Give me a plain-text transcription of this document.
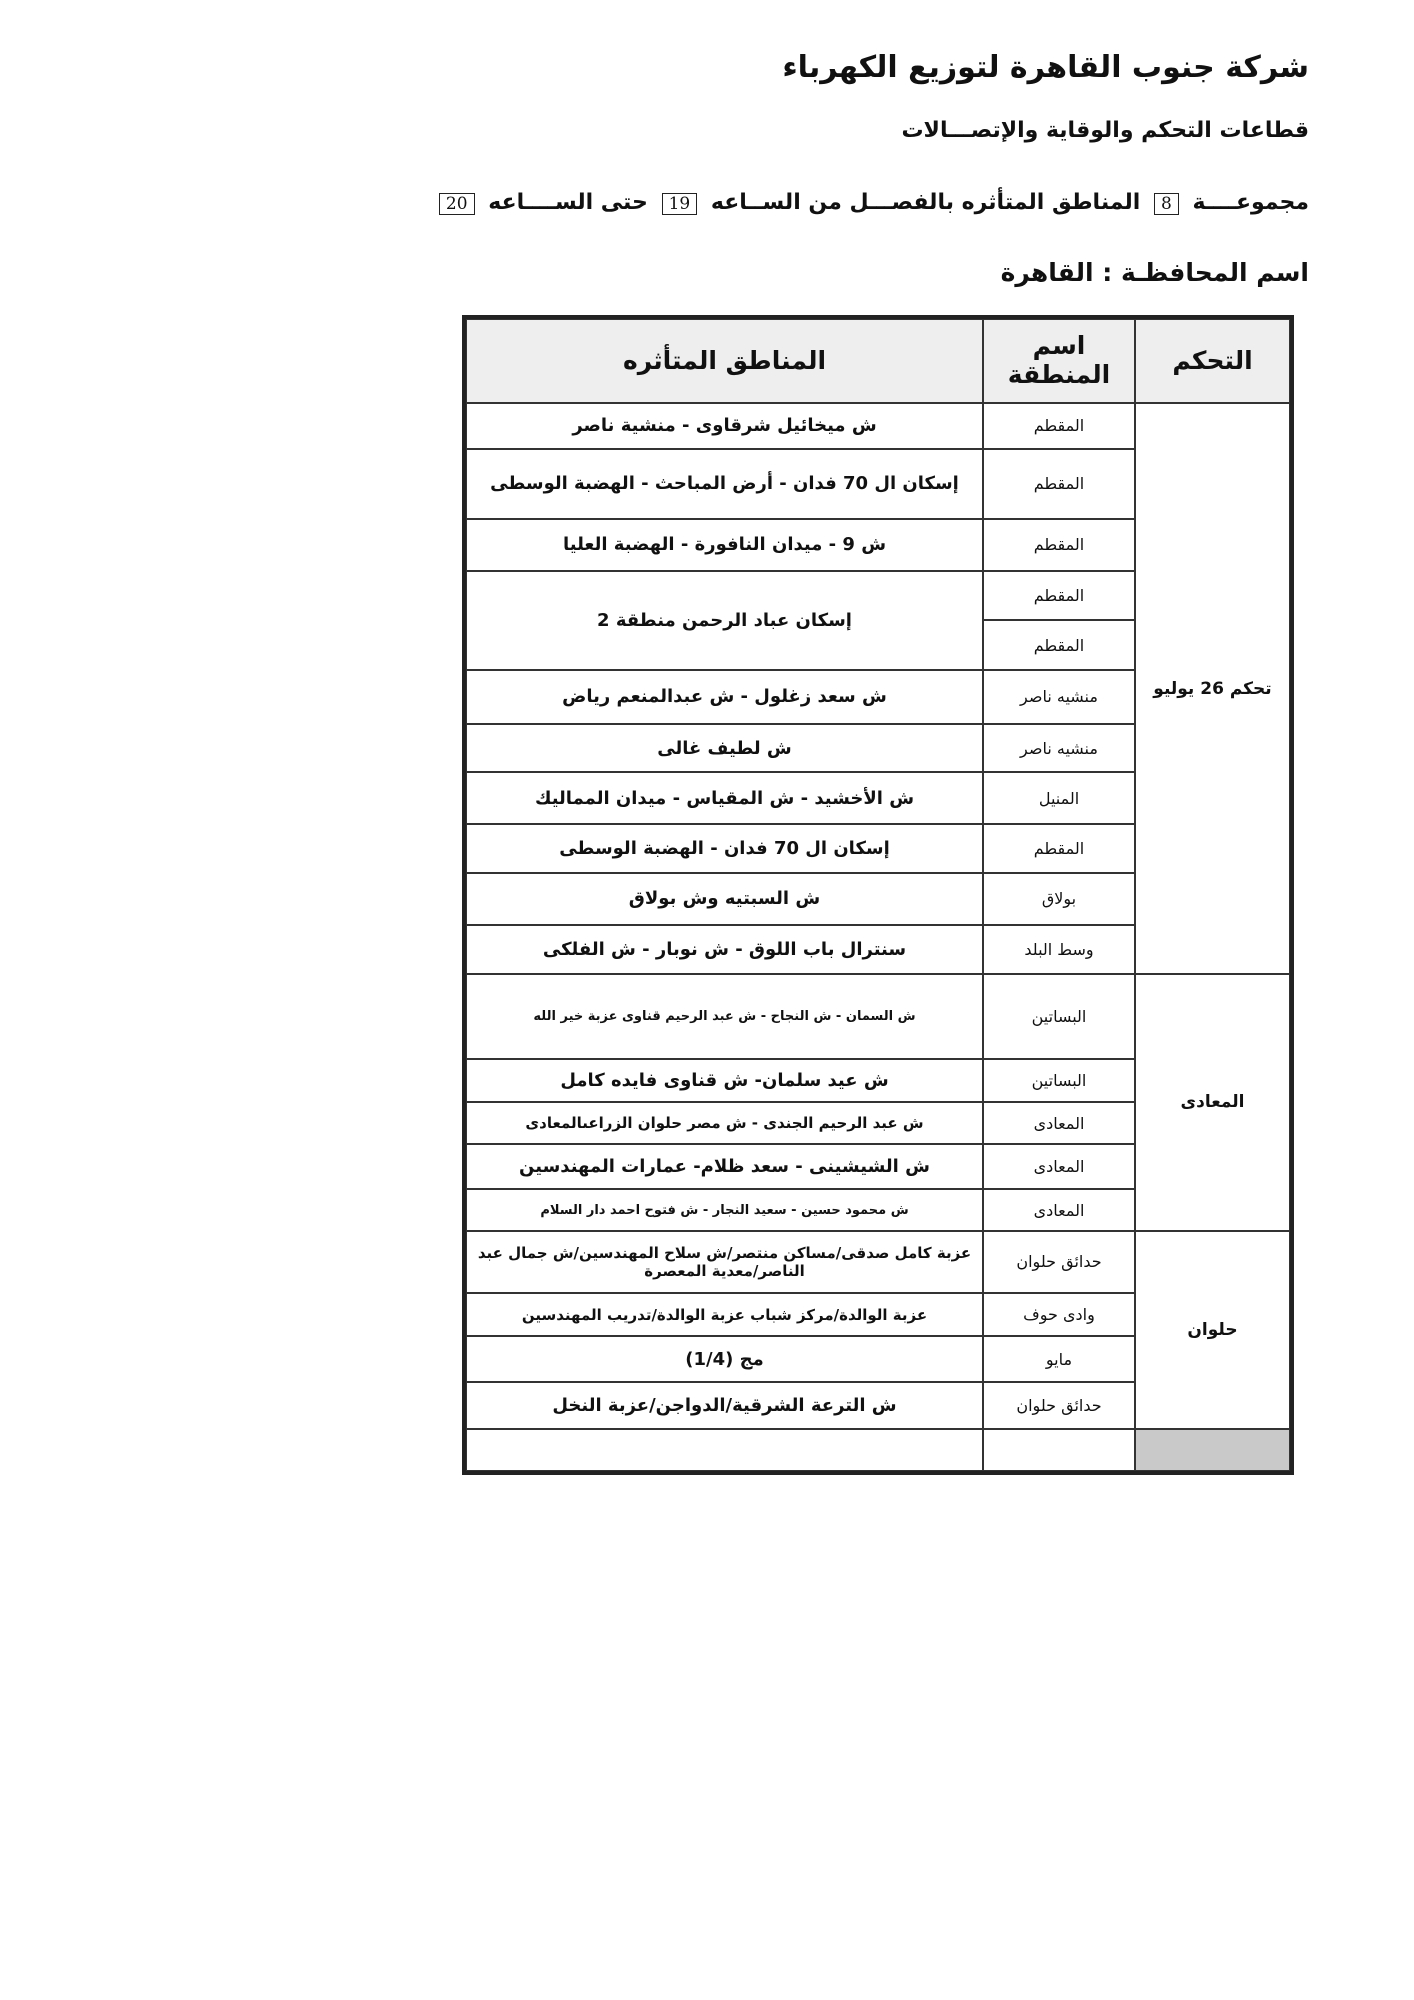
شركة جنوب القاهرة لتوزيع الكهرباء
قطاعات التحكم والوقاية والإتصـــالات
مجموعــــة 8 المناطق المتأثره بالفصـــل من الســاعه 19 حتى الســــاعه 20
اسم المحافظـة : القاهرة
التحكم	اسم المنطقة	المناطق المتأثره
تحكم 26 يوليو	المقطم	ش ميخائيل شرقاوى - منشية ناصر
	المقطم	إسكان ال 70 فدان - أرض المباحث - الهضبة الوسطى
	المقطم	ش 9 - ميدان النافورة - الهضبة العليا
	المقطم	إسكان عباد الرحمن منطقة 2
	المقطم	
	منشيه ناصر	ش سعد زغلول - ش عبدالمنعم رياض
	منشيه ناصر	ش لطيف غالى
	المنيل	ش الأخشيد - ش المقياس - ميدان المماليك
	المقطم	إسكان ال 70 فدان - الهضبة الوسطى
	بولاق	ش السبتيه وش بولاق
	وسط البلد	سنترال باب اللوق - ش نوبار - ش الفلكى
المعادى	البساتين	ش السمان - ش النجاح - ش عبد الرحيم قناوى عزبة خير الله
	البساتين	ش عيد سلمان- ش قناوى فايده كامل
	المعادى	ش عبد الرحيم الجندى - ش مصر حلوان الزراعىالمعادى
	المعادى	ش الشيشينى - سعد ظلام- عمارات المهندسين
	المعادى	ش محمود حسين - سعيد النجار - ش فتوح احمد دار السلام
حلوان	حدائق حلوان	عزبة كامل صدقى/مساكن منتصر/ش سلاح المهندسين/ش جمال عبد الناصر/معدية المعصرة
	وادى حوف	عزبة الوالدة/مركز شباب عزبة الوالدة/تدريب المهندسين
	مايو	مج (1/4)
	حدائق حلوان	ش الترعة الشرقية/الدواجن/عزبة النخل
